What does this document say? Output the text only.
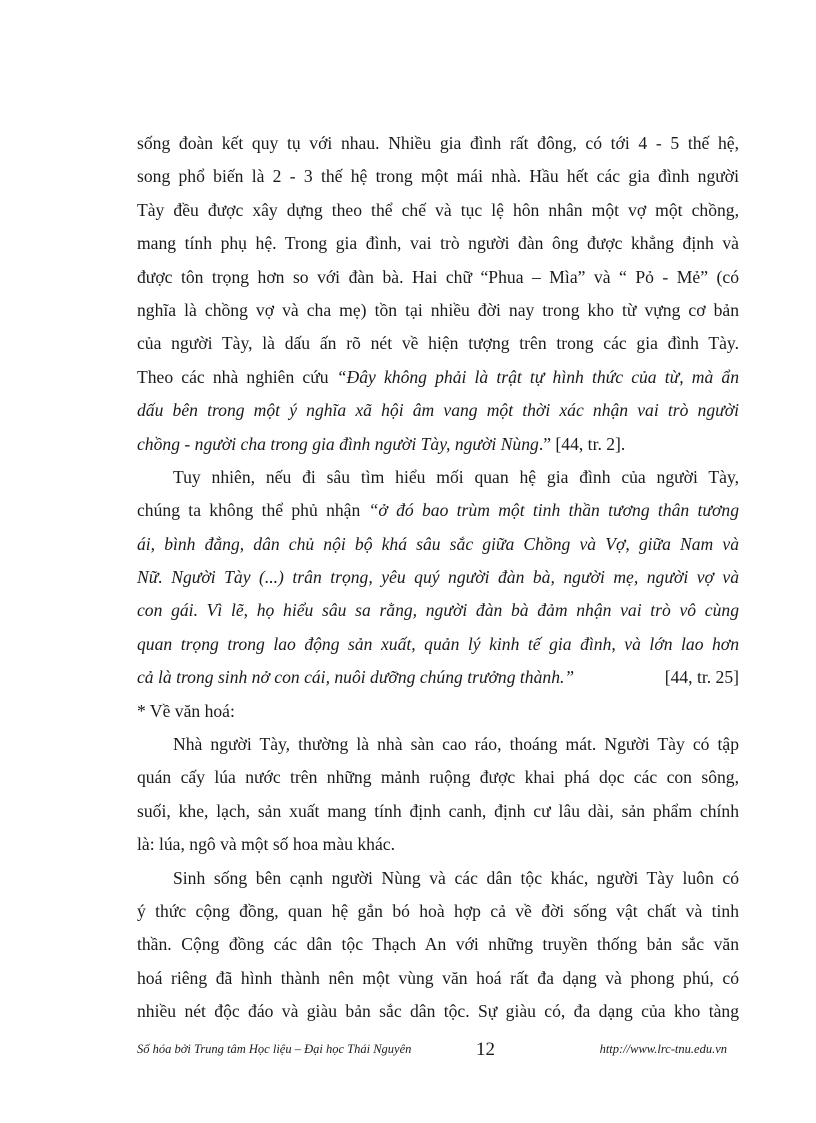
sống đoàn kết quy tụ với nhau. Nhiều gia đình rất đông, có tới 4 - 5 thế hệ,
song phổ biến là 2 - 3 thế hệ trong một mái nhà. Hầu hết các gia đình người
Tày đều được xây dựng theo thể chế và tục lệ hôn nhân một vợ một chồng,
mang tính phụ hệ. Trong gia đình, vai trò người đàn ông được khẳng định và
được tôn trọng hơn so với đàn bà. Hai chữ “Phua – Mìa” và “ Pỏ - Mẻ” (có
nghĩa là chồng vợ và cha mẹ) tồn tại nhiều đời nay trong kho từ vựng cơ bản
của người Tày, là dấu ấn rõ nét về hiện tượng trên trong các gia đình Tày.
Theo các nhà nghiên cứu “Đây không phải là trật tự hình thức của từ, mà ẩn
dấu bên trong một ý nghĩa xã hội âm vang một thời xác nhận vai trò người
chồng - người cha trong gia đình người Tày, người Nùng.” [44, tr. 2].
Tuy nhiên, nếu đi sâu tìm hiểu mối quan hệ gia đình của người Tày,
chúng ta không thể phủ nhận “ở đó bao trùm một tinh thần tương thân tương
ái, bình đẳng, dân chủ nội bộ khá sâu sắc giữa Chồng và Vợ, giữa Nam và
Nữ. Người Tày (...) trân trọng, yêu quý người đàn bà, người mẹ, người vợ và
con gái. Vì lẽ, họ hiểu sâu sa rằng, người đàn bà đảm nhận vai trò vô cùng
quan trọng trong lao động sản xuất, quản lý kinh tế gia đình, và lớn lao hơn
cả là trong sinh nở con cái, nuôi dưỡng chúng trưởng thành.”	[44, tr. 25]
* Về văn hoá:
Nhà người Tày, thường là nhà sàn cao ráo, thoáng mát. Người Tày có tập
quán cấy lúa nước trên những mảnh ruộng được khai phá dọc các con sông,
suối, khe, lạch, sản xuất mang tính định canh, định cư lâu dài, sản phẩm chính
là: lúa, ngô và một số hoa màu khác.
Sinh sống bên cạnh người Nùng và các dân tộc khác, người Tày luôn có
ý thức cộng đồng, quan hệ gắn bó hoà hợp cả về đời sống vật chất và tinh
thần. Cộng đồng các dân tộc Thạch An với những truyền thống bản sắc văn
hoá riêng đã hình thành nên một vùng văn hoá rất đa dạng và phong phú, có
nhiều nét độc đáo và giàu bản sắc dân tộc. Sự giàu có, đa dạng của kho tàng
Số hóa bởi Trung tâm Học liệu – Đại học Thái Nguyên	12	http://www.lrc-tnu.edu.vn
